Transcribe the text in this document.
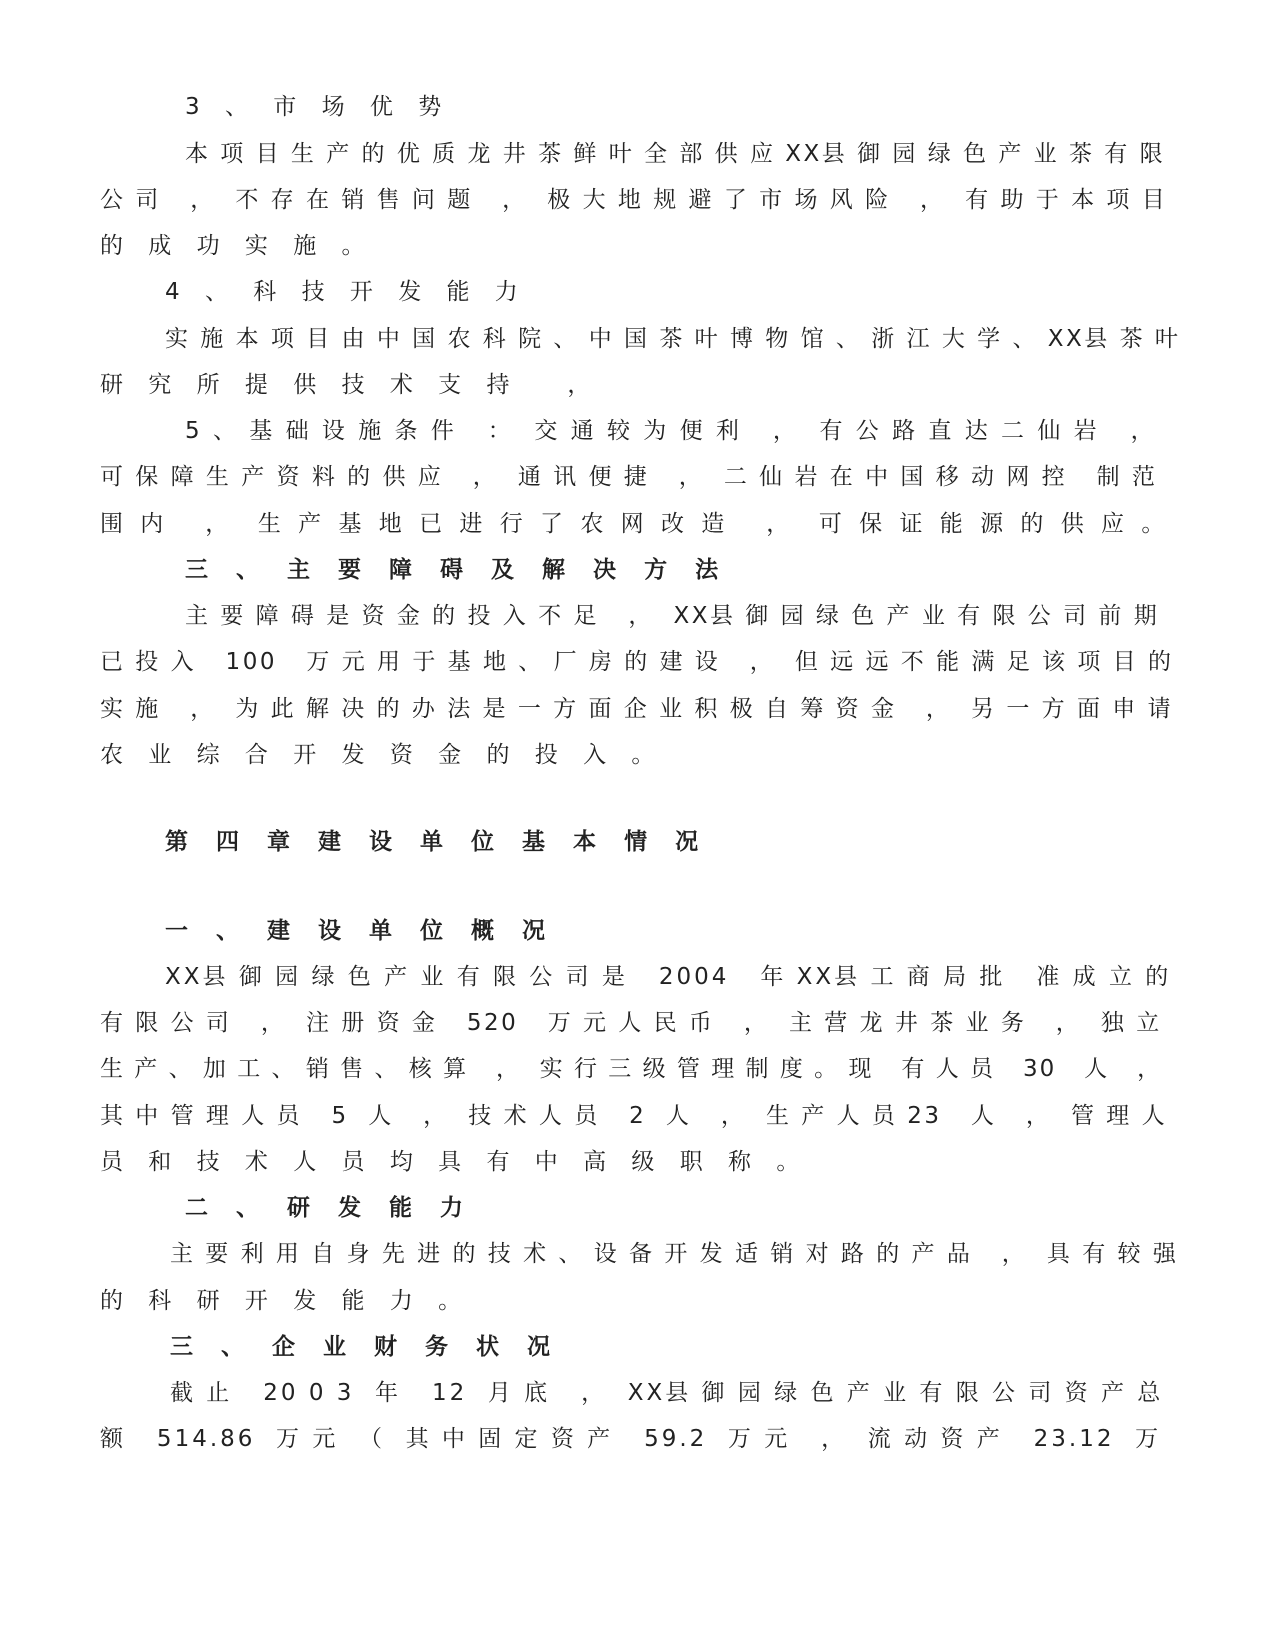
3 、 市 场 优 势
本 项 目 生 产 的 优 质 龙 井 茶 鲜 叶 全 部 供 应 XX县 御 园 绿 色 产 业 茶 有 限
公 司   ，  不 存 在 销 售 问 题   ，  极 大 地 规 避 了 市 场 风 险   ，  有 助 于 本 项 目
的 成 功 实 施 。
4 、 科 技 开 发 能 力
实 施 本 项 目 由 中 国 农 科 院 、 中 国 茶 叶 博 物 馆 、 浙 江 大 学 、 XX县 茶 叶
研 究 所 提 供 技 术 支 持   ，
5 、 基 础 设 施 条 件   ：  交 通 较 为 便 利   ，  有 公 路 直 达 二 仙 岩   ，
可 保 障 生 产 资 料 的 供 应   ，  通 讯 便 捷   ，  二 仙 岩 在 中 国 移 动 网 控   制 范
围 内   ，  生 产 基 地 已 进 行 了 农 网 改 造   ，  可 保 证 能 源 的 供 应 。
三 、 主 要 障 碍 及 解 决 方 法
主 要 障 碍 是 资 金 的 投 入 不 足   ，  XX县 御 园 绿 色 产 业 有 限 公 司 前 期
已 投 入   100   万 元 用 于 基 地 、 厂 房 的 建 设   ，  但 远 远 不 能 满 足 该 项 目 的
实 施   ，  为 此 解 决 的 办 法 是 一 方 面 企 业 积 极 自 筹 资 金   ，  另 一 方 面 申 请
农 业 综 合 开 发 资 金 的 投 入 。
第 四 章 建 设 单 位 基 本 情 况
一 、 建 设 单 位 概 况
XX县 御 园 绿 色 产 业 有 限 公 司 是   2004   年 XX县 工 商 局 批   准 成 立 的
有 限 公 司   ，  注 册 资 金   520   万 元 人 民 币   ，  主 营 龙 井 茶 业 务   ，  独 立
生 产 、 加 工 、 销 售 、 核 算   ，  实 行 三 级 管 理 制 度 。 现   有 人 员   30   人   ，
其 中 管 理 人 员   5  人   ，  技 术 人 员   2  人   ，  生 产 人 员 23   人   ，  管 理 人
员 和 技 术 人 员 均 具 有 中 高 级 职 称 。
二 、 研 发 能 力
主 要 利 用 自 身 先 进 的 技 术 、 设 备 开 发 适 销 对 路 的 产 品   ，  具 有 较 强
的 科 研 开 发 能 力 。
三 、 企 业 财 务 状 况
截 止   20 0 3  年   12  月 底   ，  XX县 御 园 绿 色 产 业 有 限 公 司 资 产 总
额   514.86  万 元  （  其 中 固 定 资 产   59.2  万 元   ，  流 动 资 产   23.12  万
